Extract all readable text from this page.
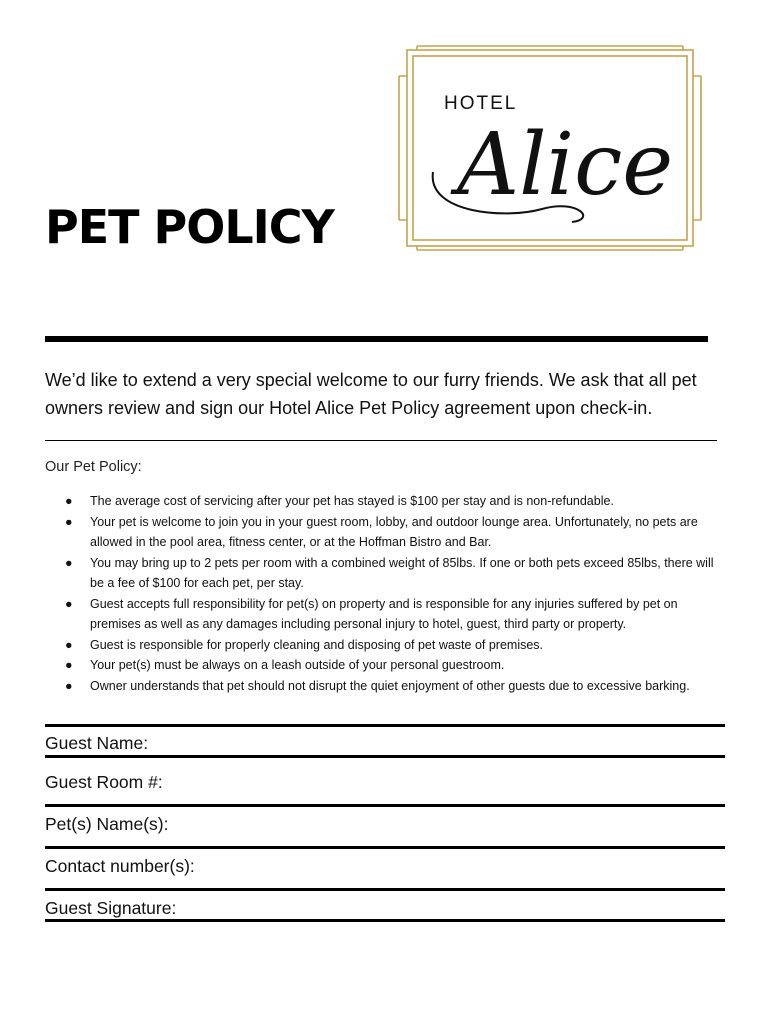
HOTEL
Alice
PET POLICY

We’d like to extend a very special welcome to our furry friends. We ask that all pet owners review and sign our Hotel Alice Pet Policy agreement upon check-in.

Our Pet Policy:

● The average cost of servicing after your pet has stayed is $100 per stay and is non-refundable.
● Your pet is welcome to join you in your guest room, lobby, and outdoor lounge area. Unfortunately, no pets are allowed in the pool area, fitness center, or at the Hoffman Bistro and Bar.
● You may bring up to 2 pets per room with a combined weight of 85lbs. If one or both pets exceed 85lbs, there will be a fee of $100 for each pet, per stay.
● Guest accepts full responsibility for pet(s) on property and is responsible for any injuries suffered by pet on premises as well as any damages including personal injury to hotel, guest, third party or property.
● Guest is responsible for properly cleaning and disposing of pet waste of premises.
● Your pet(s) must be always on a leash outside of your personal guestroom.
● Owner understands that pet should not disrupt the quiet enjoyment of other guests due to excessive barking.
Guest Name:
Guest Room #:
Pet(s) Name(s):
Contact number(s):
Guest Signature:
